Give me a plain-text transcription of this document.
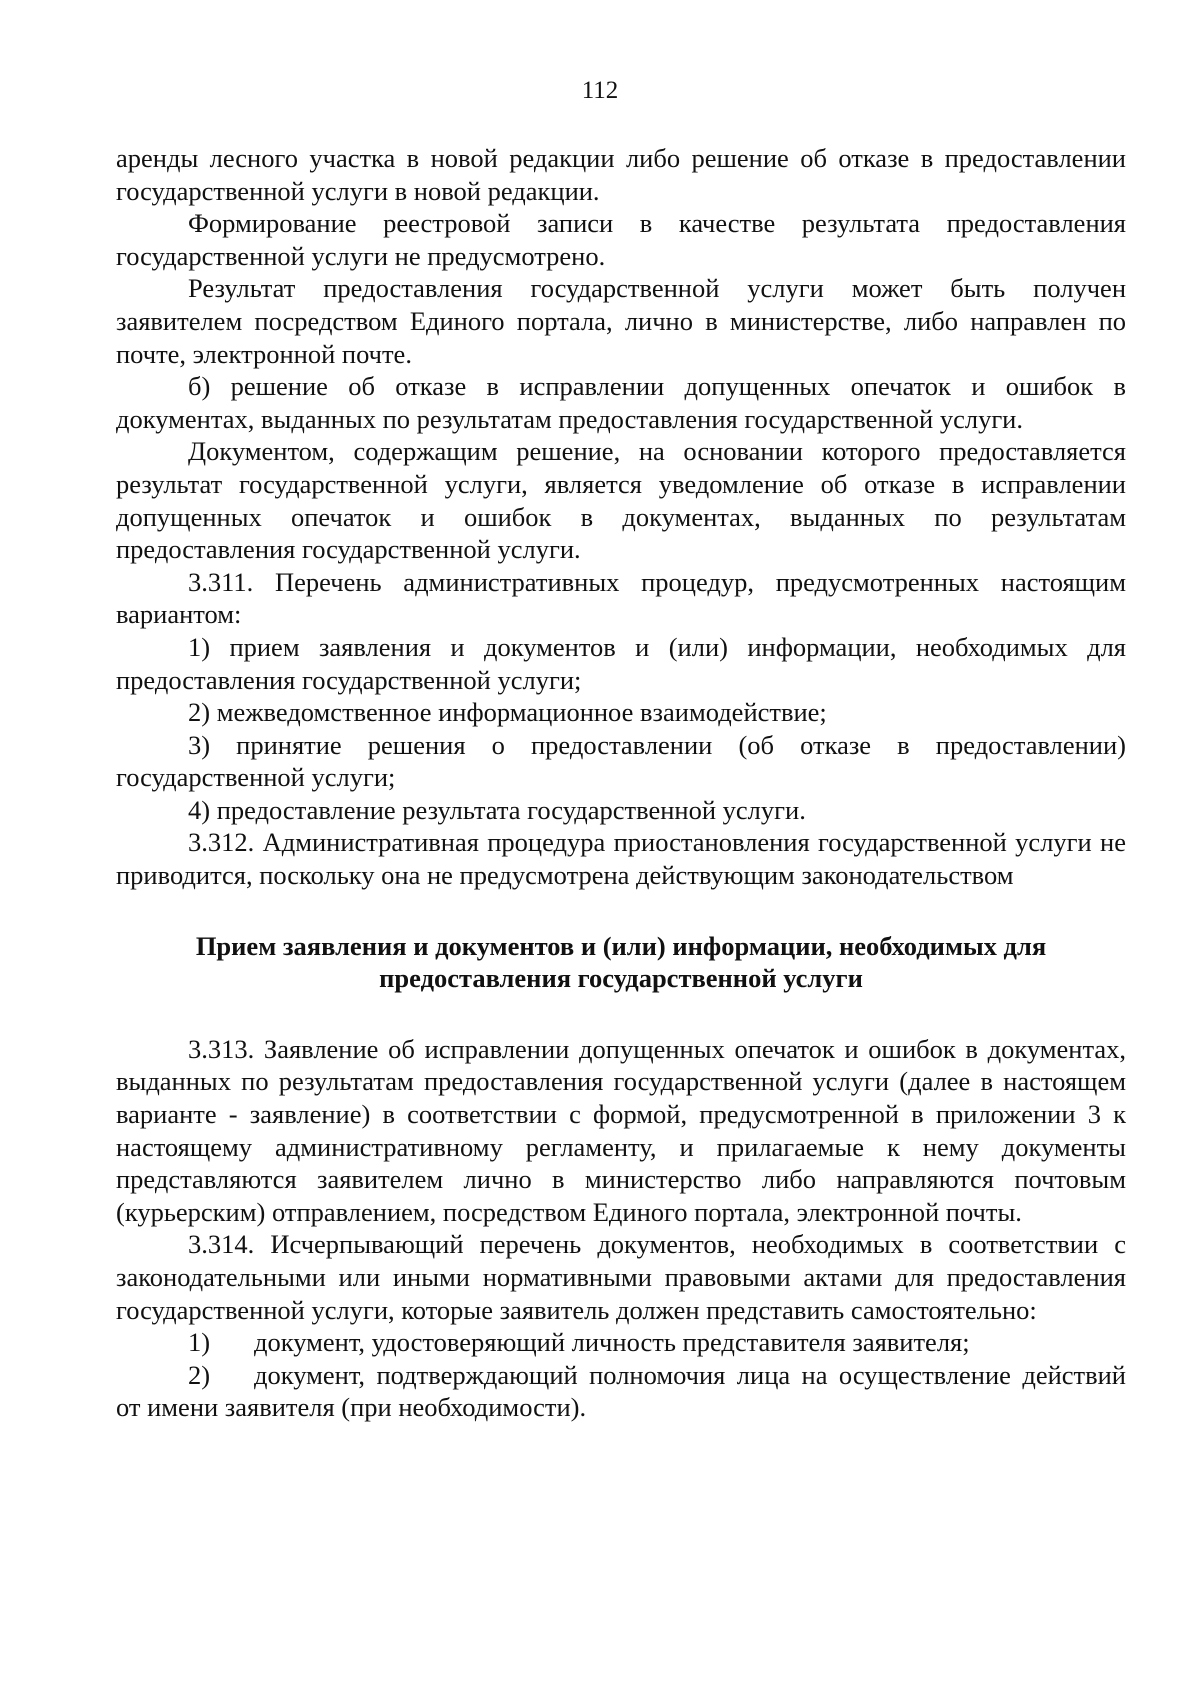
112

аренды лесного участка в новой редакции либо решение об отказе в предоставлении государственной услуги в новой редакции.

Формирование реестровой записи в качестве результата предоставления государственной услуги не предусмотрено.

Результат предоставления государственной услуги может быть получен заявителем посредством Единого портала, лично в министерстве, либо направлен по почте, электронной почте.

б) решение об отказе в исправлении допущенных опечаток и ошибок в документах, выданных по результатам предоставления государственной услуги.

Документом, содержащим решение, на основании которого предоставляется результат государственной услуги, является уведомление об отказе в исправлении допущенных опечаток и ошибок в документах, выданных по результатам предоставления государственной услуги.

3.311. Перечень административных процедур, предусмотренных настоящим вариантом:

1) прием заявления и документов и (или) информации, необходимых для предоставления государственной услуги;

2) межведомственное информационное взаимодействие;

3) принятие решения о предоставлении (об отказе в предоставлении) государственной услуги;

4) предоставление результата государственной услуги.

3.312. Административная процедура приостановления государственной услуги не приводится, поскольку она не предусмотрена действующим законодательством

Прием заявления и документов и (или) информации, необходимых для

предоставления государственной услуги

3.313. Заявление об исправлении допущенных опечаток и ошибок в документах, выданных по результатам предоставления государственной услуги (далее в настоящем варианте - заявление) в соответствии с формой, предусмотренной в приложении 3 к настоящему административному регламенту, и прилагаемые к нему документы представляются заявителем лично в министерство либо направляются почтовым (курьерским) отправлением, посредством Единого портала, электронной почты.

3.314. Исчерпывающий перечень документов, необходимых в соответствии с законодательными или иными нормативными правовыми актами для предоставления государственной услуги, которые заявитель должен представить самостоятельно:

1) документ, удостоверяющий личность представителя заявителя;

2) документ, подтверждающий полномочия лица на осуществление действий от имени заявителя (при необходимости).
